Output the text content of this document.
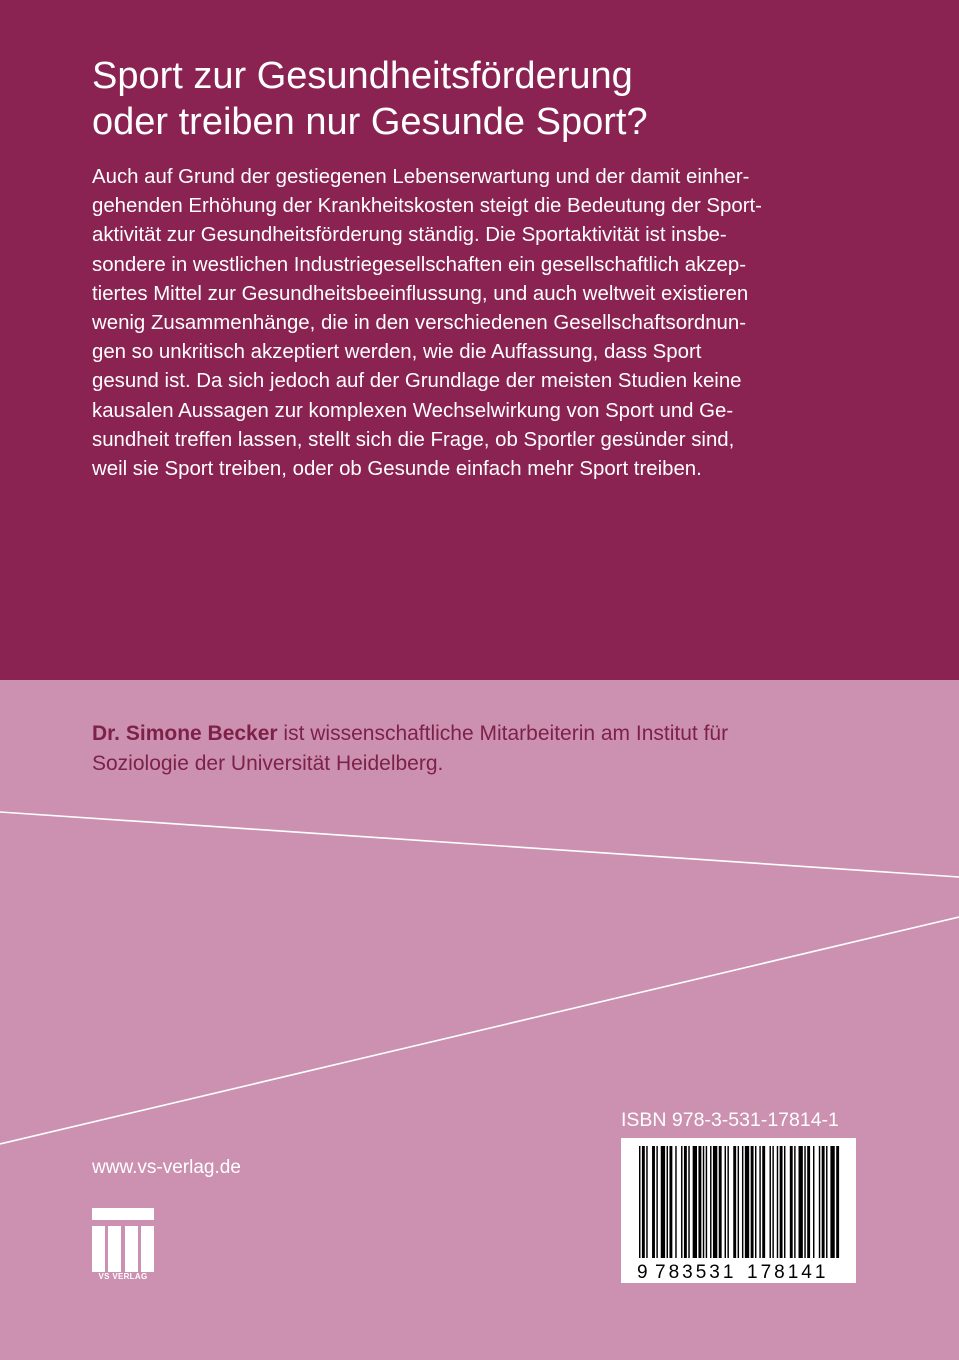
Sport zur Gesundheitsförderung
oder treiben nur Gesunde Sport?
Auch auf Grund der gestiegenen Lebenserwartung und der damit einher-
gehenden Erhöhung der Krankheitskosten steigt die Bedeutung der Sport-
aktivität zur Gesundheitsförderung ständig. Die Sportaktivität ist insbe-
sondere in westlichen Industriegesellschaften ein gesellschaftlich akzep-
tiertes Mittel zur Gesundheitsbeeinflussung, und auch weltweit existieren
wenig Zusammenhänge, die in den verschiedenen Gesellschaftsordnun-
gen so unkritisch akzeptiert werden, wie die Auffassung, dass Sport
gesund ist. Da sich jedoch auf der Grundlage der meisten Studien keine
kausalen Aussagen zur komplexen Wechselwirkung von Sport und Ge-
sundheit treffen lassen, stellt sich die Frage, ob Sportler gesünder sind,
weil sie Sport treiben, oder ob Gesunde einfach mehr Sport treiben.
Dr. Simone Becker ist wissenschaftliche Mitarbeiterin am Institut für
Soziologie der Universität Heidelberg.
www.vs-verlag.de
VS VERLAG
ISBN 978-3-531-17814-1
9 783531 178141
